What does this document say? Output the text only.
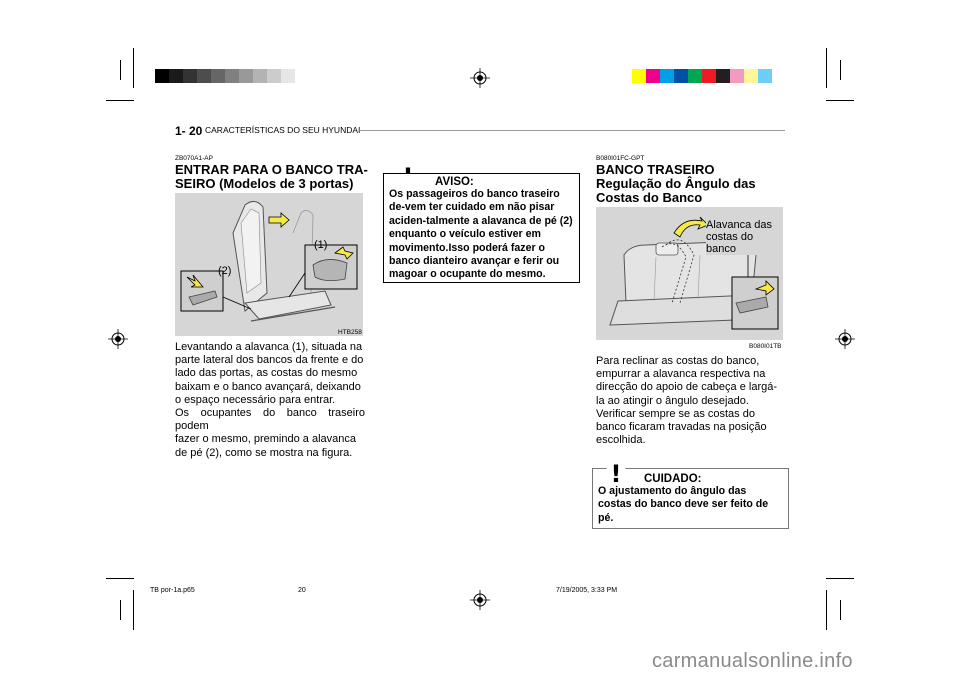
1- 20 CARACTERÍSTICAS DO SEU HYUNDAI
ZB070A1-AP
ENTRAR PARA O BANCO TRA-
SEIRO (Modelos de 3 portas)
(1)
(2)
HTB258
Levantando a alavanca (1), situada na
parte lateral dos bancos da frente e do
lado das portas, as costas do mesmo
baixam e o banco avançará, deixando
o espaço necessário para entrar.
Os ocupantes do banco traseiro podem
fazer o mesmo, premindo a alavanca
de pé (2), como se mostra na figura.
AVISO:
Os passageiros do banco traseiro
de-vem ter cuidado em não pisar
aciden-talmente a alavanca de pé (2)
enquanto o veículo estiver em
movimento.Isso poderá fazer o
banco dianteiro avançar e ferir ou
magoar o ocupante do mesmo.
B080I01FC-GPT
BANCO TRASEIRO
Regulação do Ângulo das
Costas do Banco
Alavanca das
costas do banco
B080I01TB
Para reclinar as costas do banco,
empurrar a alavanca respectiva na
direcção do apoio de cabeça e largá-
la ao atingir o ângulo desejado.
Verificar sempre se as costas do
banco ficaram travadas na posição
escolhida.
CUIDADO:
O ajustamento do ângulo das
costas do banco deve ser feito de
pé.
!
TB por-1a.p65	20	7/19/2005, 3:33 PM
carmanualsonline.info
